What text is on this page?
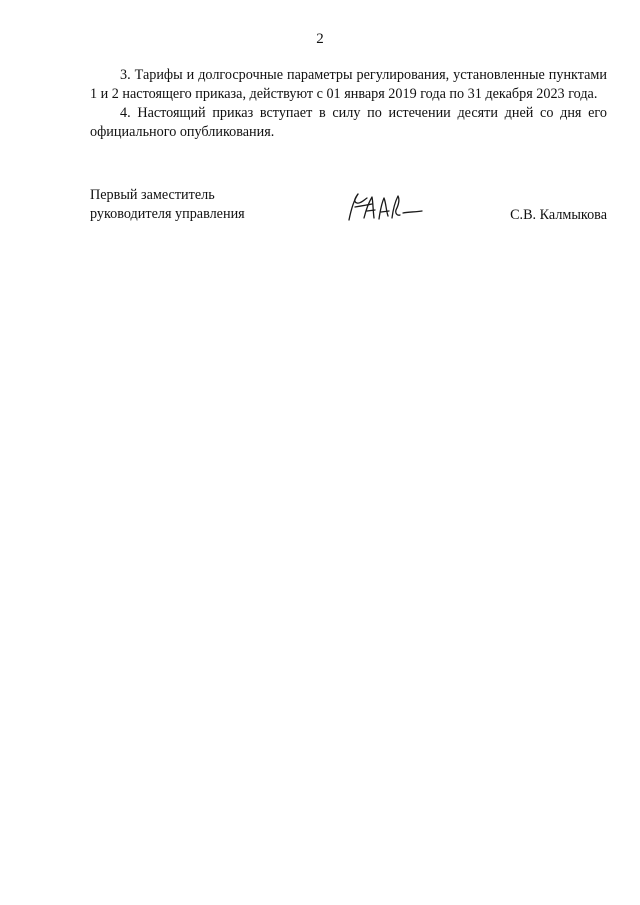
2

3. Тарифы и долгосрочные параметры регулирования, установленные пунктами 1 и 2 настоящего приказа, действуют с 01 января 2019 года по 31 декабря 2023 года.

4. Настоящий приказ вступает в силу по истечении десяти дней со дня его официального опубликования.

Первый заместитель
руководителя управления	С.В. Калмыкова
